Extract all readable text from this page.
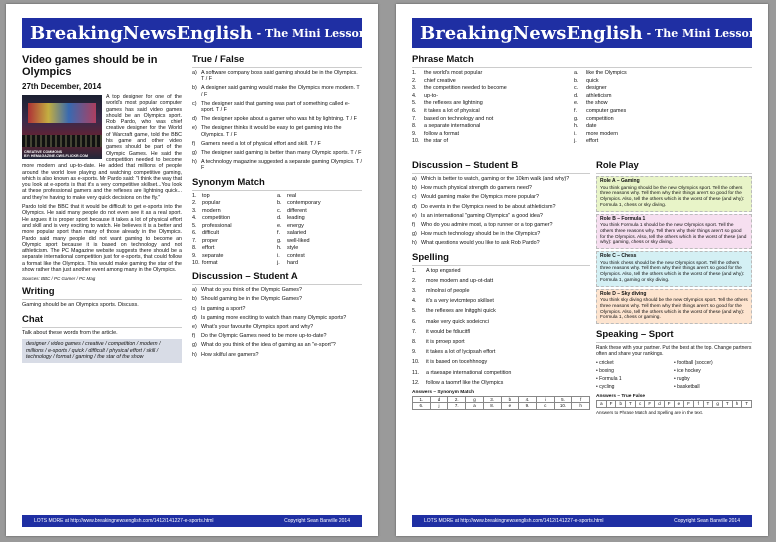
BreakingNewsEnglish - The Mini Lesson
Video games should be in Olympics
27th December, 2014
CREATIVE COMMONS
BY: HEMAGAZINE.CWS.FLICKR.COM

A top designer for one of the world's most popular computer games has said video games should be an Olympics sport. Rob Pardo, who was chief creative designer for the World of Warcraft game, told the BBC his game and other video games should be part of the Olympic Games. He said the competition needed to become more modern and up-to-date. He added that millions of people around the world love playing and watching competitive gaming, which is also known as e-sports. Mr Pardo said: "I think the way that you look at e-sports is that it's a very competitive skillset...You look at these professional gamers and the reflexes are lightning quick... and they're having to make very quick decisions on the fly."

Pardo told the BBC that it would be difficult to get e-sports into the Olympics. He said many people do not even see it as a real sport. He argues it is proper sport because it takes a lot of physical effort and skill and is very exciting to watch. He believes it is a better and more popular sport than many of those already in the Olympics. Pardo said many people did not want gaming to become an Olympic sport because it is based on technology and not athleticism. The PC Magazine website suggests there should be a separate international competition just for e-sports, that could follow a format like the Olympics. This would make gaming the star of the show rather than just another event among many in the Olympics.

Sources: BBC / PC Gamer / PC Mag
Writing
Gaming should be an Olympics sports. Discuss.
Chat
Talk about these words from the article.
designer / video games / creative / competition / modern / millions / e-sports / quick / difficult / physical effort / skill / technology / format / gaming / the star of the show
True / False
a) A software company boss said gaming should be in the Olympics. T / F
b) A designer said gaming would make the Olympics more modern. T / F
c) The designer said that gaming was part of something called e-sport. T / F
d) The designer spoke about a gamer who was hit by lightning. T / F
e) The designer thinks it would be easy to get gaming into the Olympics. T / F
f)	Gamers need a lot of physical effort and skill. T / F
g) The designer said gaming is better than many Olympic sports. T / F
h) A technology magazine suggested a separate gaming Olympics. T / F
Synonym Match
1. top	a. real
2. popular	b. contemporary
3. modern	c.	different
4. competition	d. leading
5. professional	e. energy
6. difficult	f.	salaried
7. proper	g. well-liked
8. effort	h. style
9. separate	i.	contest
10. format	j.	hard
Discussion – Student A
a) What do you think of the Olympic Games?
b) Should gaming be in the Olympic Games?
c) Is gaming a sport?
d) Is gaming more exciting to watch than many Olympic sports?
e) What's your favourite Olympics sport and why?
f)	Do the Olympic Games need to be more up-to-date?
g) What do you think of the idea of gaming as an "e-sport"?
h) How skilful are gamers?
LOTS MORE at http://www.breakingnewsenglish.com/1412/141227-e-sports.html	Copyright Sean Banville 2014
BreakingNewsEnglish - The Mini Lesson
Phrase Match
1.	the world's most popular	a.	like the Olympics
2.	chief creative	b.	quick
3.	the competition needed to become	c.	designer
4.	up-to-	d.	athleticism
5.	the reflexes are lightning	e.	the show
6.	it takes a lot of physical	f.	computer games
7.	based on technology and not	g.	competition
8.	a separate international	h.	date
9.	follow a format	i.	more modern
10. the star of	j.	effort
Discussion – Student B
a) Which is better to watch, gaming or the 10km walk (and why)?
b) How much physical strength do gamers need?
c) Would gaming make the Olympics more popular?
d) Do events in the Olympics need to be about athleticism?
e) Is an international "gaming Olympics" a good idea?
f)	Who do you admire most, a top runner or a top gamer?
g) How much technology should be in the Olympics?
h) What questions would you like to ask Rob Pardo?
Spelling
1.	A top engsried
2.	more modern and up-ot-datt
3.	mlnolnsi of people
4.	it's a very ievtcmtepo skillset
5.	the reflexes are lnitgghi quick
6.	make very quick sodeicnci
7.	it would be fdiucitfl
8.	it is prroep sport
9.	it takes a lot of lycipsah effort
10.	it is based on tocehhnogy
11.	a rtaesape international competition
12.	follow a taomrf like the Olympics
Answers – Synonym Match
1.	d	2.	g	3.	b	4.	i	5.	f
6.	j	7.	a	8.	e	9.	c	10.	h
Role Play
Role A – Gaming
You think gaming should be the new Olympics sport. Tell the others three reasons why. Tell them why their things aren't so good for the Olympics. Also, tell the others which is the worst of these (and why): Formula 1, chess or sky diving.
Role B – Formula 1
You think Formula 1 should be the new Olympics sport. Tell the others three reasons why. Tell them why their things aren't so good for the Olympics. Also, tell the others which is the worst of these (and why): gaming, chess or sky diving.
Role C – Chess
You think chess should be the new Olympics sport. Tell the others three reasons why. Tell them why their things aren't so good for the Olympics. Also, tell the others which is the worst of these (and why): Formula 1, gaming or sky diving.
Role D – Sky diving
You think sky diving should be the new Olympics sport. Tell the others three reasons why. Tell them why their things aren't so good for the Olympics. Also, tell the others which is the worst of these (and why): Formula 1, chess or gaming.
Speaking – Sport
Rank these with your partner. Put the best at the top. Change partners often and share your rankings.
• cricket	• football (soccer)
• boxing	• ice hockey
• Formula 1	• rugby
• cycling	• basketball
Answers – True False
a	F	b	T	c	F	d	F	e	F	f	T	g	T	h	T
Answers to Phrase Match and Spelling are in the text.
LOTS MORE at http://www.breakingnewsenglish.com/1412/141227-e-sports.html	Copyright Sean Banville 2014
